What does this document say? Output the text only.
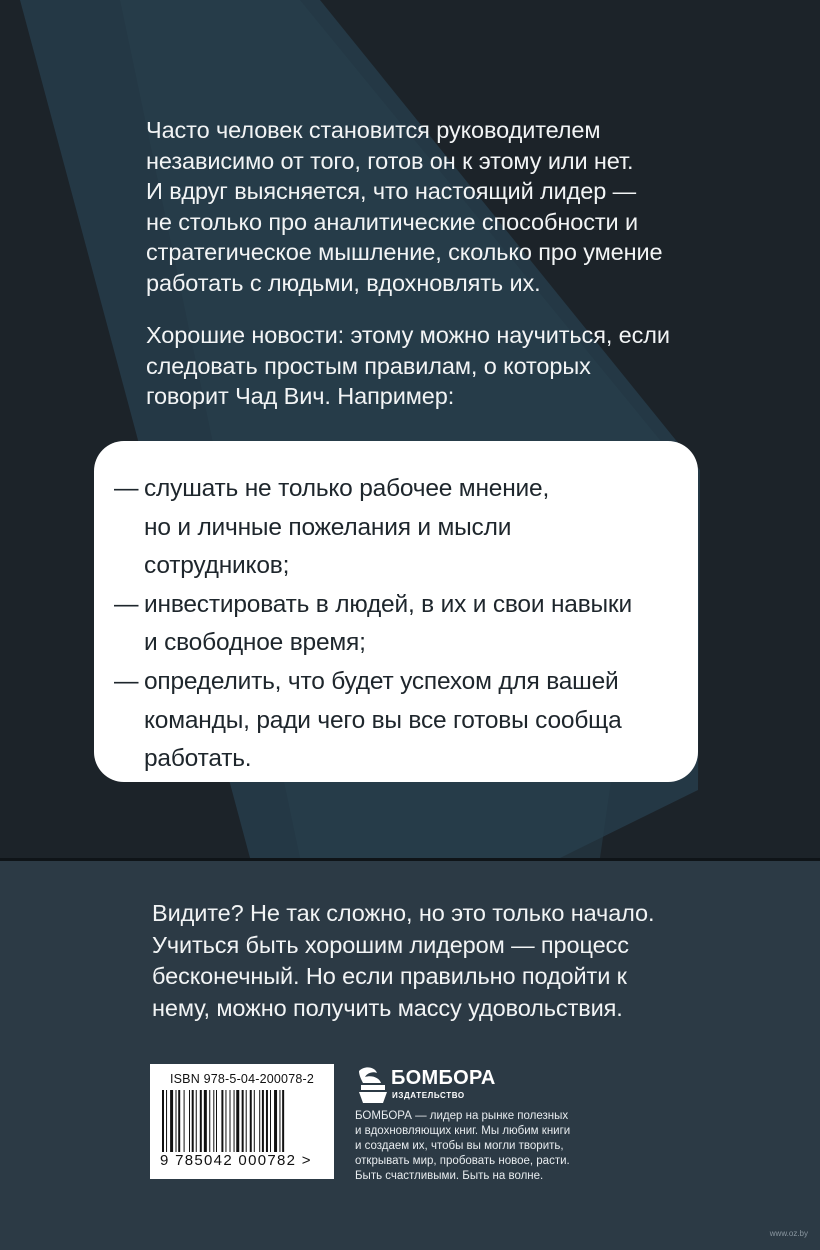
Часто человек становится руководителем
независимо от того, готов он к этому или нет.
И вдруг выясняется, что настоящий лидер —
не столько про аналитические способности и
стратегическое мышление, сколько про умение
работать с людьми, вдохновлять их.
Хорошие новости: этому можно научиться, если
следовать простым правилам, о которых
говорит Чад Вич. Например:
— слушать не только рабочее мнение,
но и личные пожелания и мысли
сотрудников;
— инвестировать в людей, в их и свои навыки
и свободное время;
— определить, что будет успехом для вашей
команды, ради чего вы все готовы сообща
работать.
Видите? Не так сложно, но это только начало.
Учиться быть хорошим лидером — процесс
бесконечный. Но если правильно подойти к
нему, можно получить массу удовольствия.
ISBN 978-5-04-200078-2
9 785042 000782 >
БОМБОРА
ИЗДАТЕЛЬСТВО
БОМБОРА — лидер на рынке полезных
и вдохновляющих книг. Мы любим книги
и создаем их, чтобы вы могли творить,
открывать мир, пробовать новое, расти.
Быть счастливыми. Быть на волне.
www.oz.by
